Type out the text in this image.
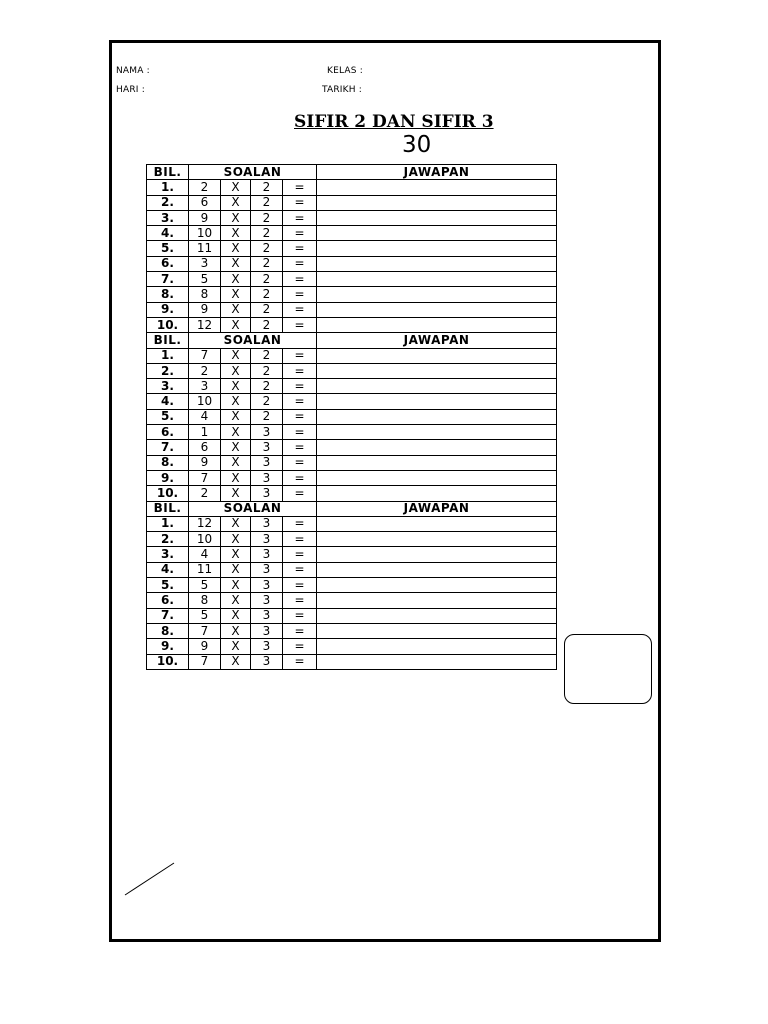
NAMA :	KELAS :
HARI :	TARIKH :
SIFIR 2 DAN SIFIR 3
30
BIL.	SOALAN				JAWAPAN
1.	2	X	2	=	
2.	6	X	2	=	
3.	9	X	2	=	
4.	10	X	2	=	
5.	11	X	2	=	
6.	3	X	2	=	
7.	5	X	2	=	
8.	8	X	2	=	
9.	9	X	2	=	
10.	12	X	2	=	
BIL.	SOALAN				JAWAPAN
1.	7	X	2	=	
2.	2	X	2	=	
3.	3	X	2	=	
4.	10	X	2	=	
5.	4	X	2	=	
6.	1	X	3	=	
7.	6	X	3	=	
8.	9	X	3	=	
9.	7	X	3	=	
10.	2	X	3	=	
BIL.	SOALAN				JAWAPAN
1.	12	X	3	=	
2.	10	X	3	=	
3.	4	X	3	=	
4.	11	X	3	=	
5.	5	X	3	=	
6.	8	X	3	=	
7.	5	X	3	=	
8.	7	X	3	=	
9.	9	X	3	=	
10.	7	X	3	=	
